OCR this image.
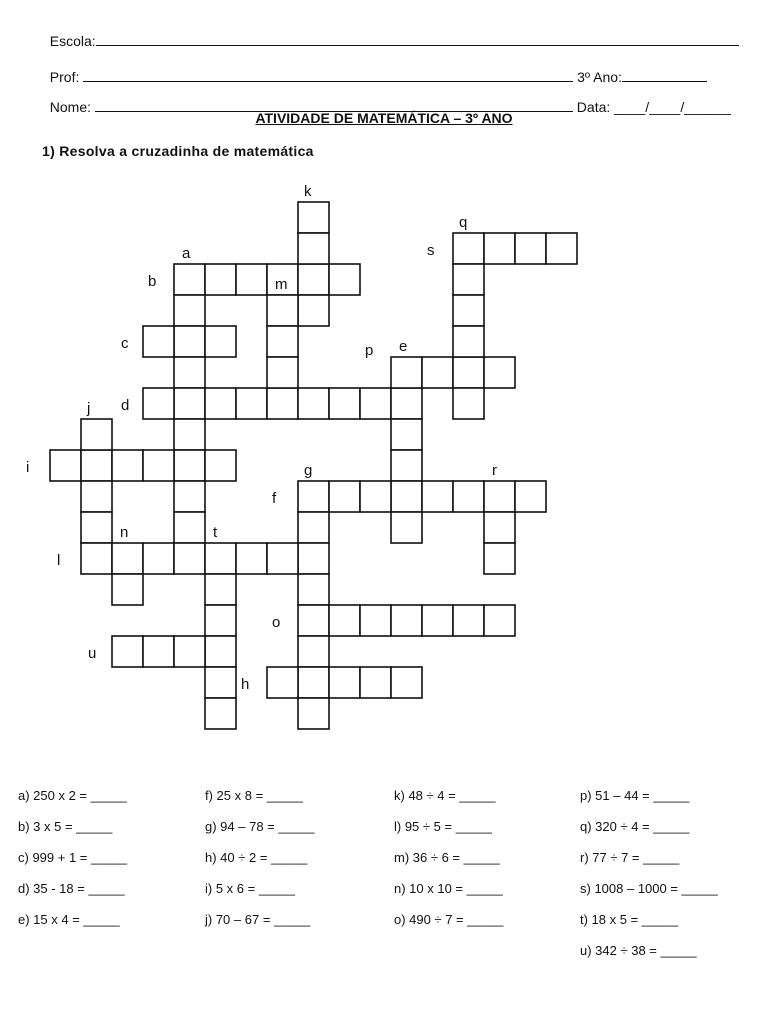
Escola:

Prof:	3º Ano:

Nome:	Data: ____/____/______

ATIVIDADE DE MATEMÁTICA – 3º ANO
1) Resolva a cruzadinha de matemática
a
b
c
d
e
f
g
h
i
j
k
l
m
n
o
p
q
r
s
t
u
a) 250 x 2 = _____
b) 3 x 5 = _____
c) 999 + 1 = _____
d) 35 - 18 = _____
e) 15 x 4 = _____
f) 25 x 8 = _____
g) 94 – 78 = _____
h) 40 ÷ 2 = _____
i) 5 x 6 = _____
j) 70 – 67 = _____
k) 48 ÷ 4 = _____
l) 95 ÷ 5 = _____
m) 36 ÷ 6 = _____
n) 10 x 10 = _____
o) 490 ÷ 7 = _____
p) 51 – 44 = _____
q) 320 ÷ 4 = _____
r) 77 ÷ 7 = _____
s) 1008 – 1000 = _____
t) 18 x 5 = _____
u) 342 ÷ 38 = _____
